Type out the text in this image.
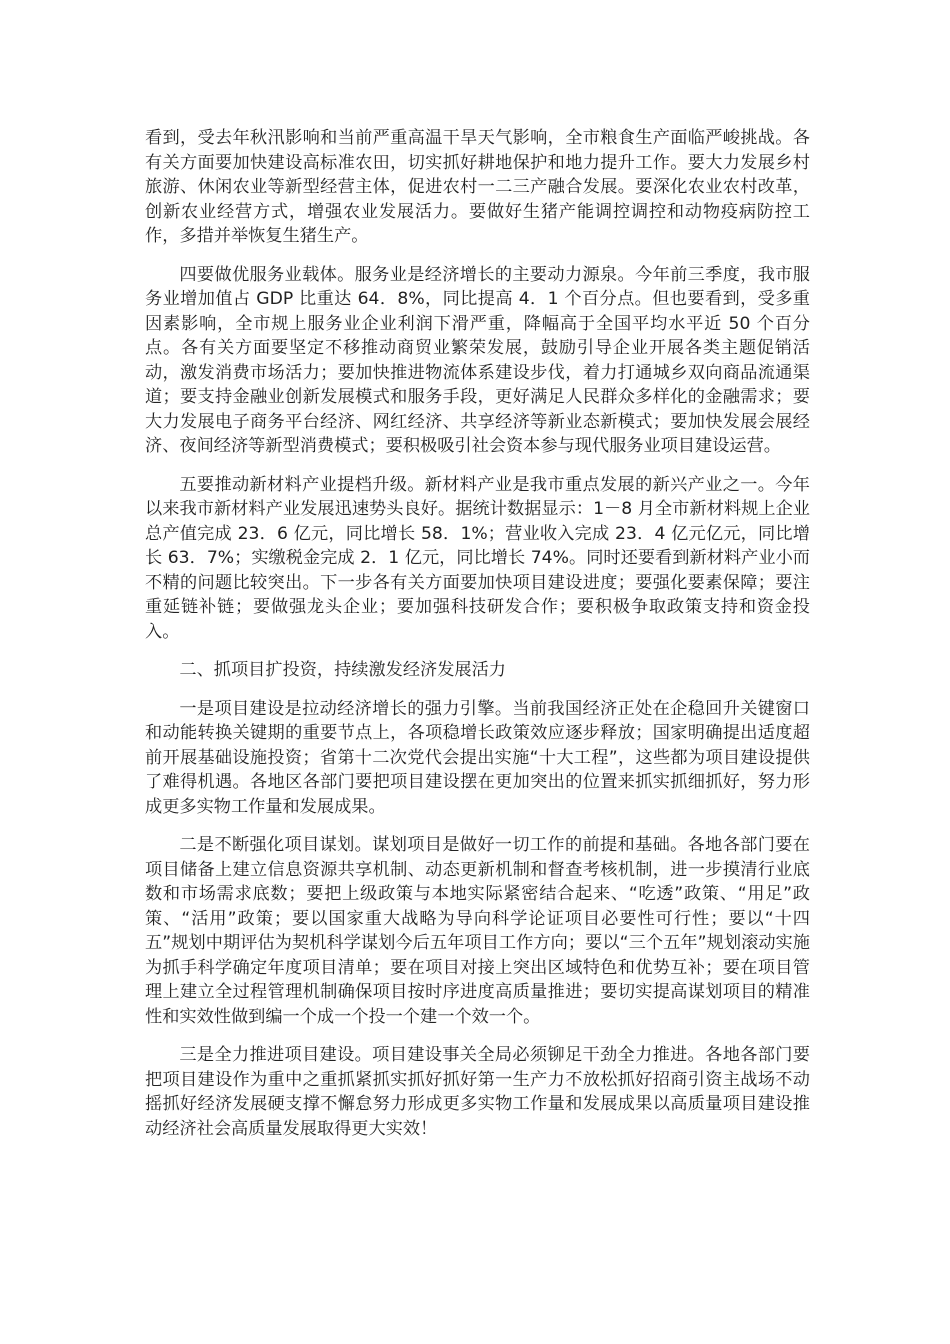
看到，受去年秋汛影响和当前严重高温干旱天气影响，全市粮食生产面临严峻挑战。各有关方面要加快建设高标准农田，切实抓好耕地保护和地力提升工作。要大力发展乡村旅游、休闲农业等新型经营主体，促进农村一二三产融合发展。要深化农业农村改革，创新农业经营方式，增强农业发展活力。要做好生猪产能调控调控和动物疫病防控工作，多措并举恢复生猪生产。

四要做优服务业载体。服务业是经济增长的主要动力源泉。今年前三季度，我市服务业增加值占 GDP 比重达 64．8%，同比提高 4．1 个百分点。但也要看到，受多重因素影响，全市规上服务业企业利润下滑严重，降幅高于全国平均水平近 50 个百分点。各有关方面要坚定不移推动商贸业繁荣发展，鼓励引导企业开展各类主题促销活动，激发消费市场活力；要加快推进物流体系建设步伐，着力打通城乡双向商品流通渠道；要支持金融业创新发展模式和服务手段，更好满足人民群众多样化的金融需求；要大力发展电子商务平台经济、网红经济、共享经济等新业态新模式；要加快发展会展经济、夜间经济等新型消费模式；要积极吸引社会资本参与现代服务业项目建设运营。

五要推动新材料产业提档升级。新材料产业是我市重点发展的新兴产业之一。今年以来我市新材料产业发展迅速势头良好。据统计数据显示：1－8 月全市新材料规上企业总产值完成 23．6 亿元，同比增长 58．1%；营业收入完成 23．4 亿元亿元，同比增长 63．7%；实缴税金完成 2．1 亿元，同比增长 74%。同时还要看到新材料产业小而不精的问题比较突出。下一步各有关方面要加快项目建设进度；要强化要素保障；要注重延链补链；要做强龙头企业；要加强科技研发合作；要积极争取政策支持和资金投入。

二、抓项目扩投资，持续激发经济发展活力

一是项目建设是拉动经济增长的强力引擎。当前我国经济正处在企稳回升关键窗口和动能转换关键期的重要节点上，各项稳增长政策效应逐步释放；国家明确提出适度超前开展基础设施投资；省第十二次党代会提出实施“十大工程”，这些都为项目建设提供了难得机遇。各地区各部门要把项目建设摆在更加突出的位置来抓实抓细抓好，努力形成更多实物工作量和发展成果。

二是不断强化项目谋划。谋划项目是做好一切工作的前提和基础。各地各部门要在项目储备上建立信息资源共享机制、动态更新机制和督查考核机制，进一步摸清行业底数和市场需求底数；要把上级政策与本地实际紧密结合起来、“吃透”政策、“用足”政策、“活用”政策；要以国家重大战略为导向科学论证项目必要性可行性；要以“十四五”规划中期评估为契机科学谋划今后五年项目工作方向；要以“三个五年”规划滚动实施为抓手科学确定年度项目清单；要在项目对接上突出区域特色和优势互补；要在项目管理上建立全过程管理机制确保项目按时序进度高质量推进；要切实提高谋划项目的精准性和实效性做到编一个成一个投一个建一个效一个。

三是全力推进项目建设。项目建设事关全局必须铆足干劲全力推进。各地各部门要把项目建设作为重中之重抓紧抓实抓好抓好第一生产力不放松抓好招商引资主战场不动摇抓好经济发展硬支撑不懈怠努力形成更多实物工作量和发展成果以高质量项目建设推动经济社会高质量发展取得更大实效！
